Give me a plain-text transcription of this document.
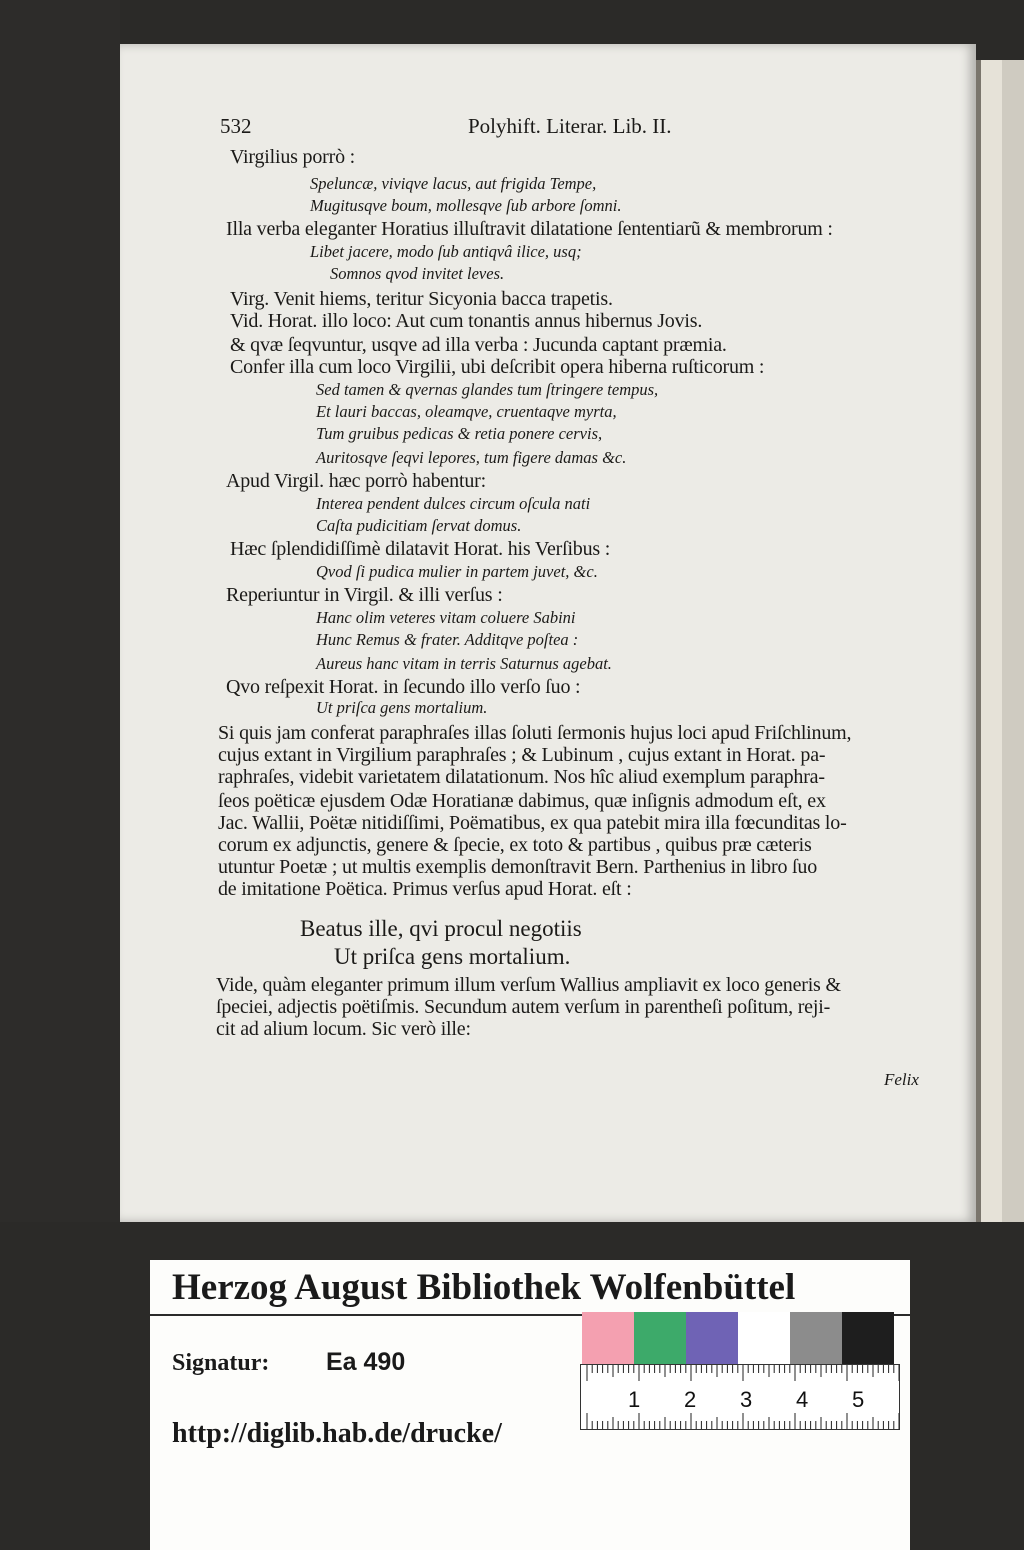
532	Polyhift. Literar. Lib. II.
Virgilius porrò :
Speluncæ, viviqve lacus, aut frigida Tempe,
Mugitusqve boum, mollesqve ſub arbore ſomni.
Illa verba eleganter Horatius illuſtravit dilatatione ſententiarũ & membrorum :
Libet jacere, modo ſub antiqvâ ilice, usq;
Somnos qvod invitet leves.
Virg. Venit hiems, teritur Sicyonia bacca trapetis.
Vid. Horat. illo loco: Aut cum tonantis annus hibernus Jovis.
& qvæ ſeqvuntur, usqve ad illa verba : Jucunda captant præmia.
Confer illa cum loco Virgilii, ubi deſcribit opera hiberna ruſticorum :
Sed tamen & qvernas glandes tum ſtringere tempus,
Et lauri baccas, oleamqve, cruentaqve myrta,
Tum gruibus pedicas & retia ponere cervis,
Auritosqve ſeqvi lepores, tum figere damas &c.
Apud Virgil. hæc porrò habentur:
Interea pendent dulces circum oſcula nati
Caſta pudicitiam ſervat domus.
Hæc ſplendidiſſimè dilatavit Horat. his Verſibus :
Qvod ſi pudica mulier in partem juvet, &c.
Reperiuntur in Virgil. & illi verſus :
Hanc olim veteres vitam coluere Sabini
Hunc Remus & frater. Additqve poſtea :
Aureus hanc vitam in terris Saturnus agebat.
Qvo reſpexit Horat. in ſecundo illo verſo ſuo :
Ut priſca gens mortalium.
Si quis jam conferat paraphraſes illas ſoluti ſermonis hujus loci apud Friſchlinum,
cujus extant in Virgilium paraphraſes ; & Lubinum , cujus extant in Horat. pa-
raphraſes, videbit varietatem dilatationum. Nos hîc aliud exemplum paraphra-
ſeos poëticæ ejusdem Odæ Horatianæ dabimus, quæ inſignis admodum eſt, ex
Jac. Wallii, Poëtæ nitidiſſimi, Poëmatibus, ex qua patebit mira illa fœcunditas lo-
corum ex adjunctis, genere & ſpecie, ex toto & partibus , quibus præ cæteris
utuntur Poetæ ; ut multis exemplis demonſtravit Bern. Parthenius in libro ſuo
de imitatione Poëtica. Primus verſus apud Horat. eſt :
Beatus ille, qvi procul negotiis
Ut priſca gens mortalium.
Vide, quàm eleganter primum illum verſum Wallius ampliavit ex loco generis &
ſpeciei, adjectis poëtiſmis. Secundum autem verſum in parentheſi poſitum, reji-
cit ad alium locum. Sic verò ille:
Felix
Herzog August Bibliothek Wolfenbüttel
1 2 3 4 5
Signatur: Ea 490
http://diglib.hab.de/drucke/
